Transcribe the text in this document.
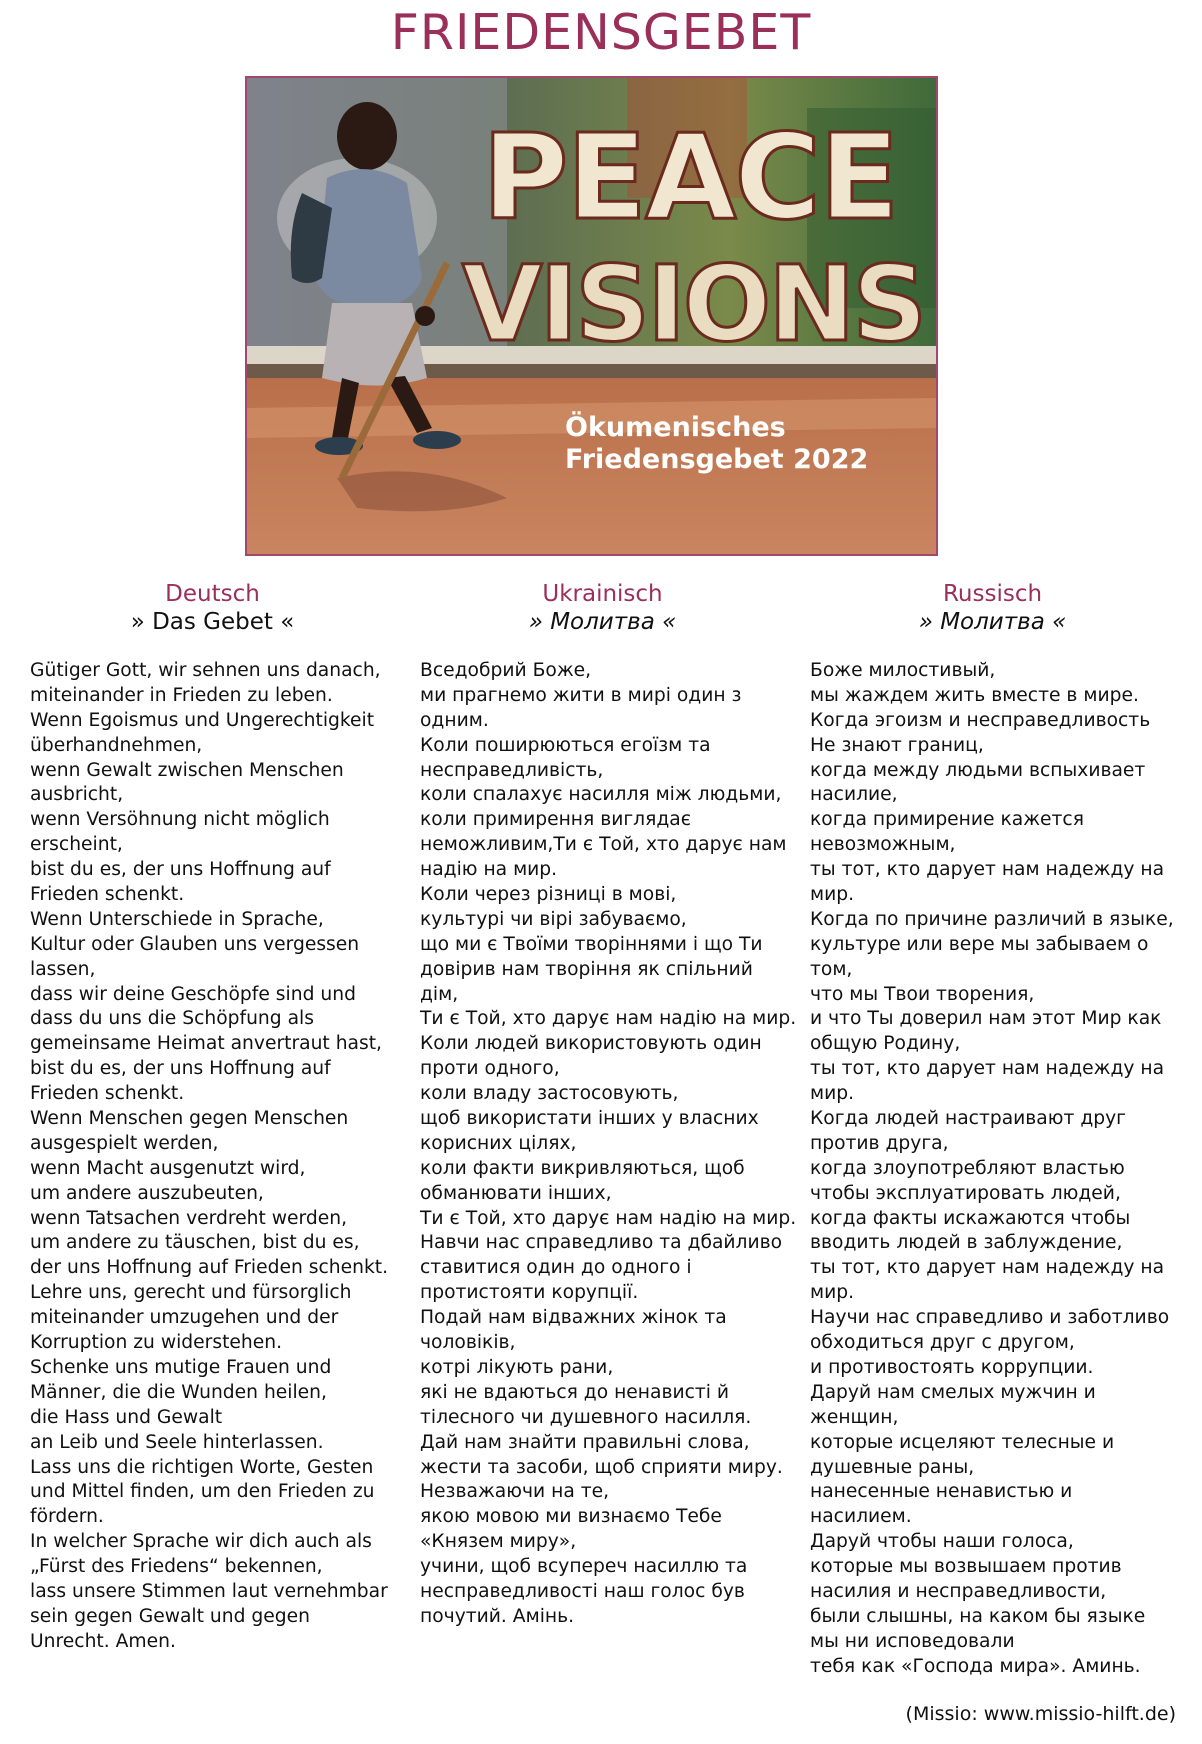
FRIEDENSGEBET
PEACE
VISIONS
Ökumenisches
Friedensgebet 2022
Deutsch
» Das Gebet «
Gütiger Gott, wir sehnen uns danach,
miteinander in Frieden zu leben.
Wenn Egoismus und Ungerechtigkeit
überhandnehmen,
wenn Gewalt zwischen Menschen
ausbricht,
wenn Versöhnung nicht möglich
erscheint,
bist du es, der uns Hoffnung auf
Frieden schenkt.
Wenn Unterschiede in Sprache,
Kultur oder Glauben uns vergessen
lassen,
dass wir deine Geschöpfe sind und
dass du uns die Schöpfung als
gemeinsame Heimat anvertraut hast,
bist du es, der uns Hoffnung auf
Frieden schenkt.
Wenn Menschen gegen Menschen
ausgespielt werden,
wenn Macht ausgenutzt wird,
um andere auszubeuten,
wenn Tatsachen verdreht werden,
um andere zu täuschen, bist du es,
der uns Hoffnung auf Frieden schenkt.
Lehre uns, gerecht und fürsorglich
miteinander umzugehen und der
Korruption zu widerstehen.
Schenke uns mutige Frauen und
Männer, die die Wunden heilen,
die Hass und Gewalt
an Leib und Seele hinterlassen.
Lass uns die richtigen Worte, Gesten
und Mittel finden, um den Frieden zu
fördern.
In welcher Sprache wir dich auch als
„Fürst des Friedens“ bekennen,
lass unsere Stimmen laut vernehmbar
sein gegen Gewalt und gegen
Unrecht. Amen.
Ukrainisch
» Молитва «
Вседобрий Боже,
ми прагнемо жити в мирі один з
одним.
Коли поширюються егоїзм та
несправедливість,
коли спалахує насилля між людьми,
коли примирення виглядає
неможливим,Ти є Той, хто дарує нам
надію на мир.
Коли через різниці в мові,
культурі чи вірі забуваємо,
що ми є Твоїми творіннями і що Ти
довірив нам творіння як спільний
дім,
Ти є Той, хто дарує нам надію на мир.
Коли людей використовують один
проти одного,
коли владу застосовують,
щоб використати інших у власних
корисних цілях,
коли факти викривляються, щоб
обманювати інших,
Ти є Той, хто дарує нам надію на мир.
Навчи нас справедливо та дбайливо
ставитися один до одного і
протистояти корупції.
Подай нам відважних жінок та
чоловіків,
котрі лікують рани,
які не вдаються до ненависті й
тілесного чи душевного насилля.
Дай нам знайти правильні слова,
жести та засоби, щоб сприяти миру.
Незважаючи на те,
якою мовою ми визнаємо Тебе
«Князем миру»,
учини, щоб всупереч насиллю та
несправедливості наш голос був
почутий. Амінь.
Russisch
» Молитва «
Боже милостивый,
мы жаждем жить вместе в мире.
Когда эгоизм и несправедливость
Не знают границ,
когда между людьми вспыхивает
насилие,
когда примирение кажется
невозможным,
ты тот, кто дарует нам надежду на
мир.
Когда по причине различий в языке,
культуре или вере мы забываем о
том,
что мы Твои творения,
и что Ты доверил нам этот Мир как
общую Родину,
ты тот, кто дарует нам надежду на
мир.
Когда людей настраивают друг
против друга,
когда злоупотребляют властью
чтобы эксплуатировать людей,
когда факты искажаются чтобы
вводить людей в заблуждение,
ты тот, кто дарует нам надежду на
мир.
Научи нас справедливо и заботливо
обходиться друг с другом,
и противостоять коррупции.
Даруй нам смелых мужчин и
женщин,
которые исцеляют телесные и
душевные раны,
нанесенные ненавистью и
насилием.
Даруй чтобы наши голоса,
которые мы возвышаем против
насилия и несправедливости,
были слышны, на каком бы языке
мы ни исповедовали
тебя как «Господа мира». Аминь.
(Missio: www.missio-hilft.de)
